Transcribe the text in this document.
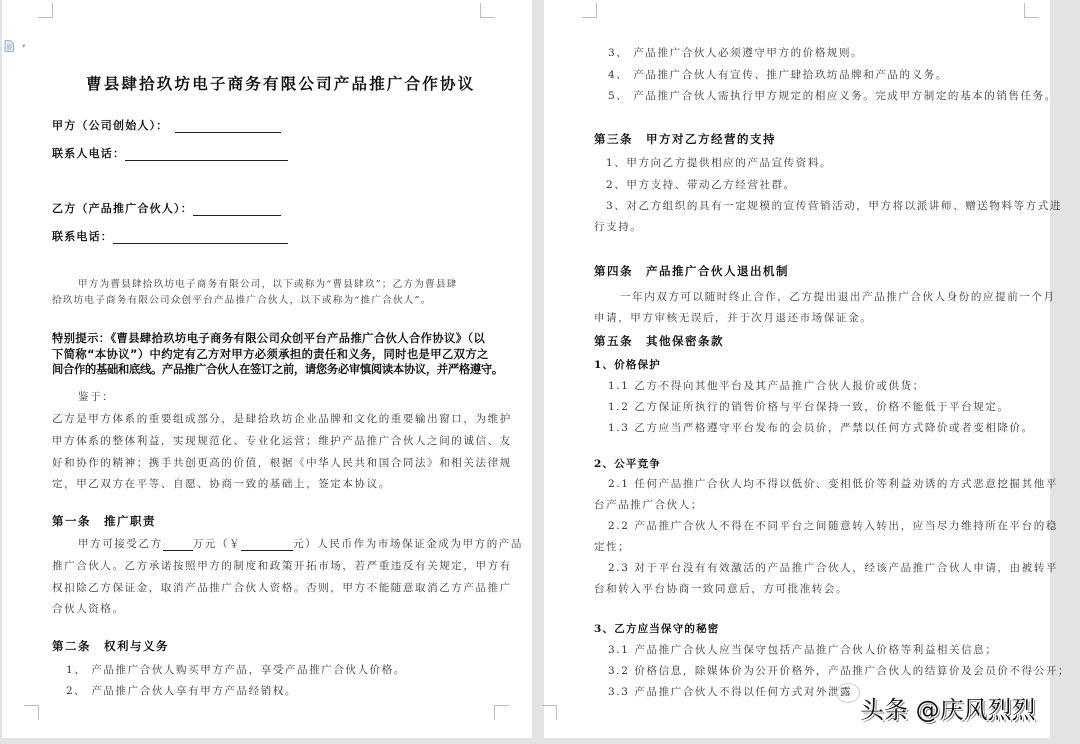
曹县肆拾玖坊电子商务有限公司产品推广合作协议
甲方（公司创始人）：
联系人电话：
乙方（产品推广合伙人）：
联系电话：
甲方为曹县肆拾玖坊电子商务有限公司，以下或称为“曹县肆玖”；乙方为曹县肆
拾玖坊电子商务有限公司众创平台产品推广合伙人，以下或称为“推广合伙人”。
特别提示：《曹县肆拾玖坊电子商务有限公司众创平台产品推广合伙人合作协议》（以
下简称“本协议”）中约定有乙方对甲方必须承担的责任和义务，同时也是甲乙双方之
间合作的基础和底线。产品推广合伙人在签订之前，请您务必审慎阅读本协议，并严格遵守。
鉴于：
乙方是甲方体系的重要组成部分，是肆拾玖坊企业品牌和文化的重要输出窗口，为维护
甲方体系的整体利益，实现规范化、专业化运营；维护产品推广合伙人之间的诚信、友
好和协作的精神；携手共创更高的价值，根据《中华人民共和国合同法》和相关法律规
定，甲乙双方在平等、自愿、协商一致的基础上，签定本协议。
第一条　推广职责
甲方可接受乙方	万元（￥	元）人民币作为市场保证金成为甲方的产品
推广合伙人。乙方承诺按照甲方的制度和政策开拓市场，若严重违反有关规定，甲方有
权扣除乙方保证金，取消产品推广合伙人资格。否则，甲方不能随意取消乙方产品推广
合伙人资格。
第二条　权利与义务
1、 产品推广合伙人购买甲方产品，享受产品推广合伙人价格。
2、 产品推广合伙人享有甲方产品经销权。
▾
3、 产品推广合伙人必须遵守甲方的价格规则。
4、 产品推广合伙人有宣传、推广肆拾玖坊品牌和产品的义务。
5、 产品推广合伙人需执行甲方规定的相应义务。完成甲方制定的基本的销售任务。
第三条　甲方对乙方经营的支持
1、甲方向乙方提供相应的产品宣传资料。
2、甲方支持、带动乙方经营社群。
3、对乙方组织的具有一定规模的宣传营销活动，甲方将以派讲师、赠送物料等方式进
行支持。
第四条　产品推广合伙人退出机制
一年内双方可以随时终止合作，乙方提出退出产品推广合伙人身份的应提前一个月
申请，甲方审核无误后，并于次月退还市场保证金。
第五条　其他保密条款
1、价格保护
1.1 乙方不得向其他平台及其产品推广合伙人报价或供货；
1.2 乙方保证所执行的销售价格与平台保持一致，价格不能低于平台规定。
1.3 乙方应当严格遵守平台发布的会员价，严禁以任何方式降价或者变相降价。
2、公平竞争
2.1 任何产品推广合伙人均不得以低价、变相低价等利益劝诱的方式恶意挖掘其他平
台产品推广合伙人；
2.2 产品推广合伙人不得在不同平台之间随意转入转出，应当尽力维持所在平台的稳
定性；
2.3 对于平台没有有效激活的产品推广合伙人，经该产品推广合伙人申请，由被转平
台和转入平台协商一致同意后，方可批准转会。
3、乙方应当保守的秘密
3.1 产品推广合伙人应当保守包括产品推广合伙人价格等利益相关信息；
3.2 价格信息，除媒体价为公开价格外，产品推广合伙人的结算价及会员价不得公开；
3.3 产品推广合伙人不得以任何方式对外泄露
头条 @庆风烈烈
